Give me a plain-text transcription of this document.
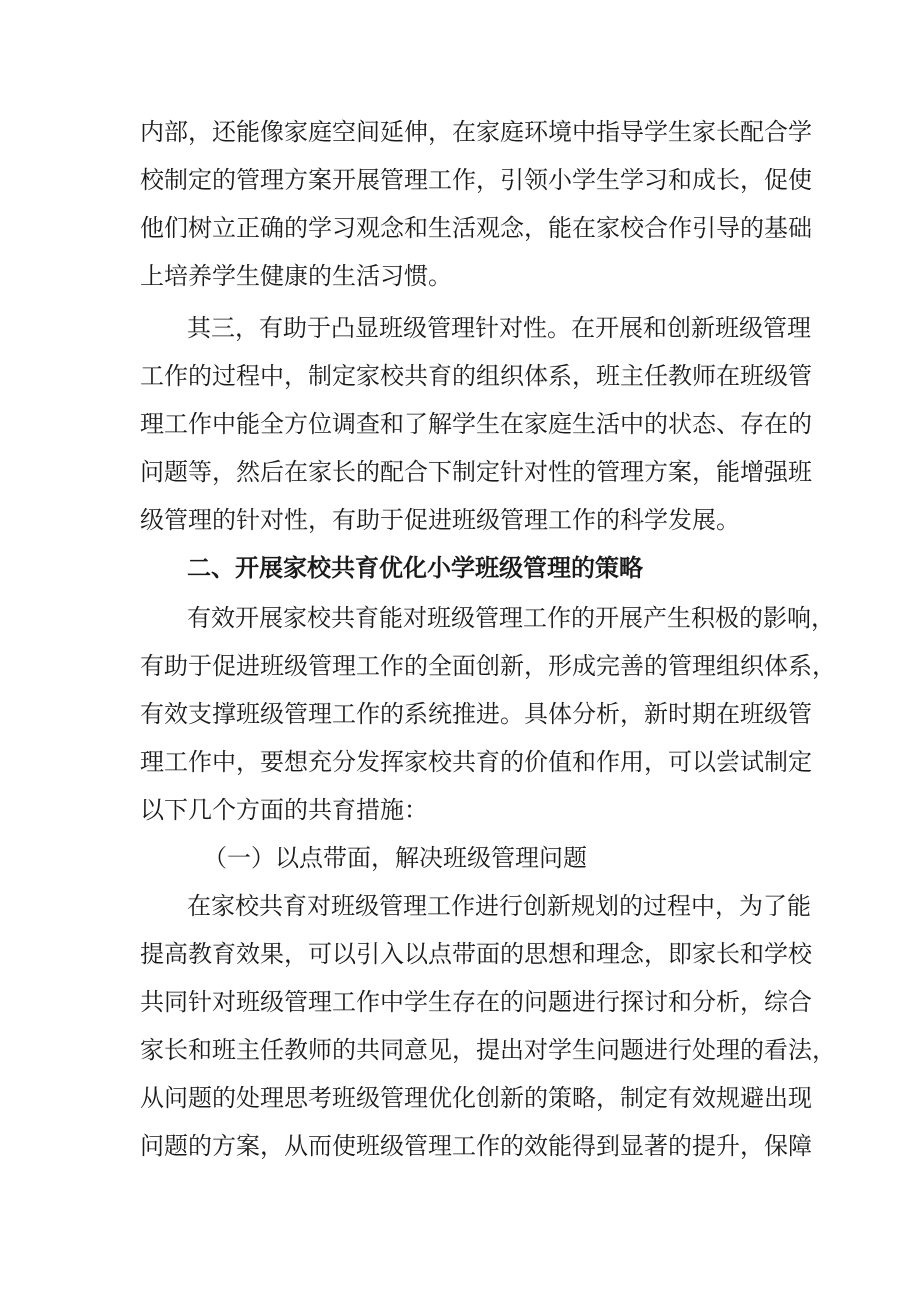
内部，还能像家庭空间延伸，在家庭环境中指导学生家长配合学
校制定的管理方案开展管理工作，引领小学生学习和成长，促使
他们树立正确的学习观念和生活观念，能在家校合作引导的基础
上培养学生健康的生活习惯。
其三，有助于凸显班级管理针对性。在开展和创新班级管理
工作的过程中，制定家校共育的组织体系，班主任教师在班级管
理工作中能全方位调查和了解学生在家庭生活中的状态、存在的
问题等，然后在家长的配合下制定针对性的管理方案，能增强班
级管理的针对性，有助于促进班级管理工作的科学发展。
二、开展家校共育优化小学班级管理的策略
有效开展家校共育能对班级管理工作的开展产生积极的影响，
有助于促进班级管理工作的全面创新，形成完善的管理组织体系，
有效支撑班级管理工作的系统推进。具体分析，新时期在班级管
理工作中，要想充分发挥家校共育的价值和作用，可以尝试制定
以下几个方面的共育措施：
（一）以点带面，解决班级管理问题
在家校共育对班级管理工作进行创新规划的过程中，为了能
提高教育效果，可以引入以点带面的思想和理念，即家长和学校
共同针对班级管理工作中学生存在的问题进行探讨和分析，综合
家长和班主任教师的共同意见，提出对学生问题进行处理的看法，
从问题的处理思考班级管理优化创新的策略，制定有效规避出现
问题的方案，从而使班级管理工作的效能得到显著的提升，保障
